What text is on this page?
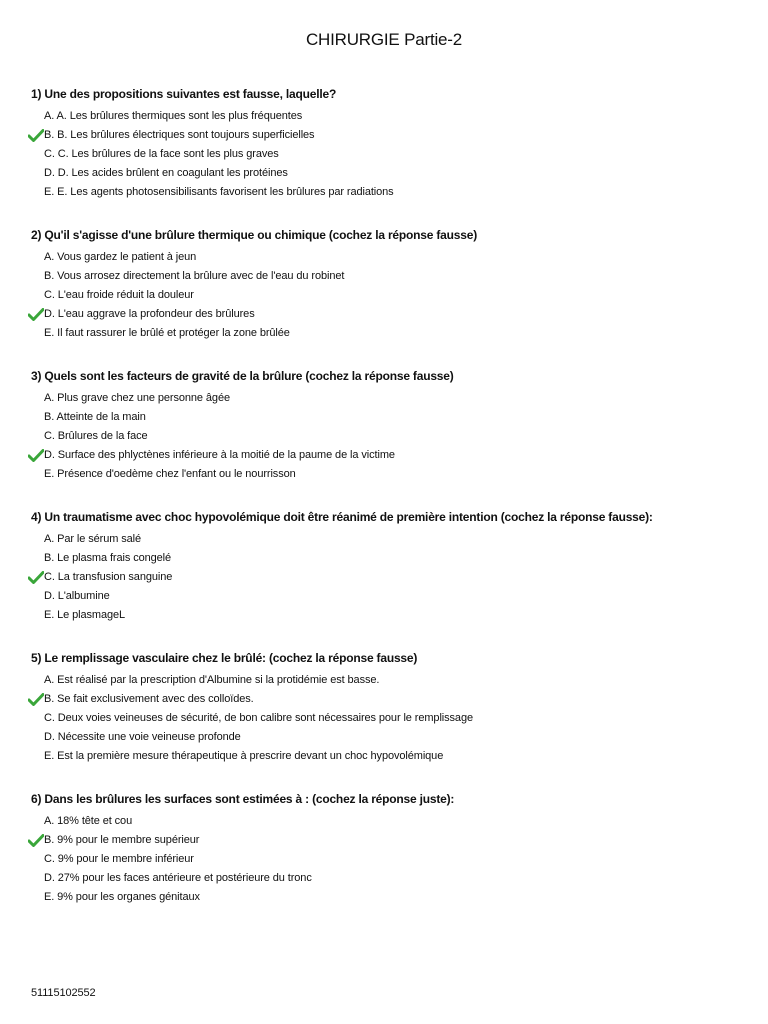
CHIRURGIE Partie-2
1) Une des propositions suivantes est fausse, laquelle?
A. A. Les brûlures thermiques sont les plus fréquentes
B. B. Les brûlures électriques sont toujours superficielles
C. C. Les brûlures de la face sont les plus graves
D. D. Les acides brûlent en coagulant les protéines
E. E. Les agents photosensibilisants favorisent les brûlures par radiations
2) Qu'il s'agisse d'une brûlure thermique ou chimique (cochez la réponse fausse)
A. Vous gardez le patient à jeun
B. Vous arrosez directement la brûlure avec de l'eau du robinet
C. L'eau froide réduit la douleur
D. L'eau aggrave la profondeur des brûlures
E. Il faut rassurer le brûlé et protéger la zone brûlée
3) Quels sont les facteurs de gravité de la brûlure (cochez la réponse fausse)
A. Plus grave chez une personne âgée
B. Atteinte de la main
C. Brûlures de la face
D. Surface des phlyctènes inférieure à la moitié de la paume de la victime
E. Présence d'oedème chez l'enfant ou le nourrisson
4) Un traumatisme avec choc hypovolémique doit être réanimé de première intention (cochez la réponse fausse):
A. Par le sérum salé
B. Le plasma frais congelé
C. La transfusion sanguine
D. L'albumine
E. Le plasmageL
5) Le remplissage vasculaire chez le brûlé: (cochez la réponse fausse)
A. Est réalisé par la prescription d'Albumine si la protidémie est basse.
B. Se fait exclusivement avec des colloïdes.
C. Deux voies veineuses de sécurité, de bon calibre sont nécessaires pour le remplissage
D. Nécessite une voie veineuse profonde
E. Est la première mesure thérapeutique à prescrire devant un choc hypovolémique
6) Dans les brûlures les surfaces sont estimées à : (cochez la réponse juste):
A. 18% tête et cou
B. 9% pour le membre supérieur
C. 9% pour le membre inférieur
D. 27% pour les faces antérieure et postérieure du tronc
E. 9% pour les organes génitaux
51115102552
